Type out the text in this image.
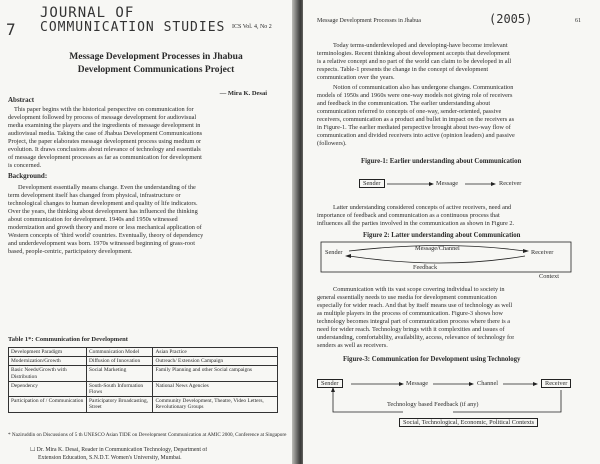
7
JOURNAL OF
COMMUNICATION STUDIES ICS Vol. 4, No 2
Message Development Processes in Jhabua
Development Communications Project
— Mira K. Desai
Abstract
This paper begins with the historical perspective on communication for
development followed by process of message development for audiovisual
media examining the players and the ingredients of message development in
audiovisual media. Taking the case of Jhabua Development Communications
Project, the paper elaborates message development process using medium or
evolution. It draws conclusions about relevance of technology and essentials
of message development processes as far as communication for development
is concerned.
Background:
Development essentially means change. Even the understanding of the
term development itself has changed from physical, infrastructure or
technological changes to human development and quality of life indicators.
Over the years, the thinking about development has influenced the thinking
about communication for development. 1940s and 1950s witnessed
modernization and growth theory and more or less mechanical application of
Western concepts of 'third world' countries. Eventually, theory of dependency
and underdevelopment was born. 1970s witnessed beginning of grass-root
based, people-centric, participatory development.
Table 1*: Communication for Development
Development Paradigm	Communication Model	Asian Practice
Modernization/Growth	Diffusion of Innovation	Outreach/ Extension Campaign
Basic Needs/Growth with Distribution	Social Marketing	Family Planning and other Social campaigns
Dependency	South-South Information Flows	National News Agencies
Participation of / Communication	Participatory Broadcasting, Street	Community Development, Theatre, Video Letters, Revolutionary Groups
* Naziruddin on Discussions of 5 th UNESCO Asian TIDE on Development Communication at AMIC 2000, Conference at Singapore
☐ Dr. Mira K. Desai, Reader in Communication Technology, Department of
Extension Education, S.N.D.T. Women's University, Mumbai.
Message Development Processes in Jhabua	(2005)	61
Today terms-underdeveloped and developing-have become irrelevant
terminologies. Recent thinking about development accepts that development
is a relative concept and no part of the world can claim to be developed in all
respects. Table-1 presents the change in the concept of development
communication over the years.
Notion of communication also has undergone changes. Communication
models of 1950s and 1960s were one-way models not giving role of receivers
and feedback in the communication. The earlier understanding about
communication referred to concepts of one-way, sender-oriented, passive
receivers, communication as a product and bullet in impact on the receivers as
in Figure-1. The earlier mediated perspective brought about two-way flow of
communication and divided receivers into active (opinion leaders) and passive
(followers).
Figure-1: Earlier understanding about Communication
Sender	Message	Receiver
Latter understanding considered concepts of active receivers, need and
importance of feedback and communication as a continuous process that
influences all the parties involved in the communication as shown in Figure 2.
Figure 2: Latter understanding about Communication
Sender
Message/Channel
Receiver
Feedback
Context
Communication with its vast scope covering individual to society in
general essentially needs to use media for development communication
especially for wider reach. And that by itself means use of technology as well
as multiple players in the process of communication. Figure-3 shows how
technology becomes integral part of communication process where there is a
need for wider reach. Technology brings with it complexities and issues of
understanding, comfortability, availability, access, relevance of technology for
senders as well as receivers.
Figure-3: Communication for Development using Technology
Sender	Message	Channel	Receiver
Technology based Feedback (if any)
Social, Technological, Economic, Political Contexts
